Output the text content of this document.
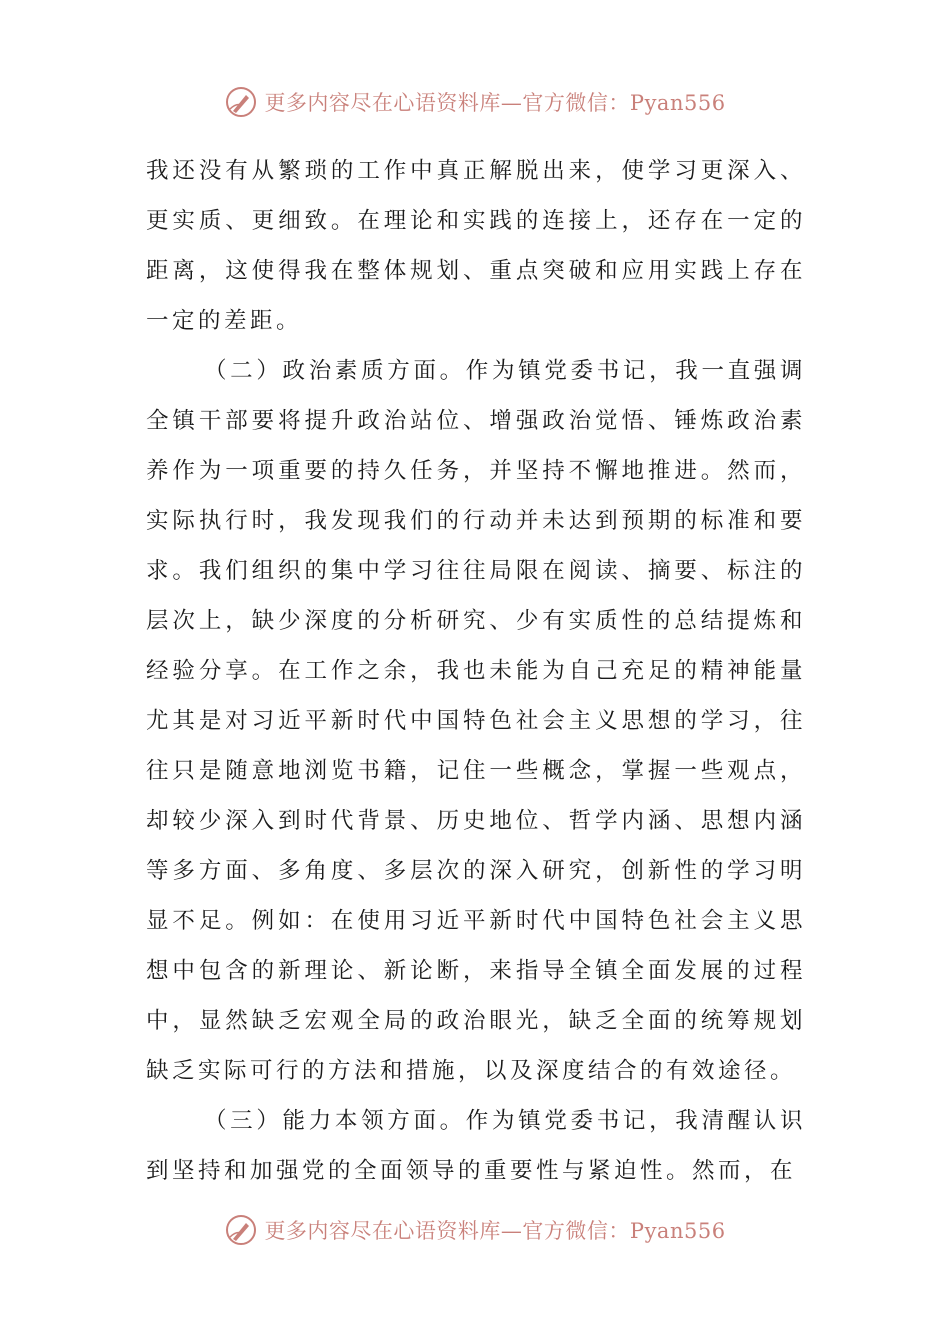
更多内容尽在心语资料库—官方微信：Pyan556

我还没有从繁琐的工作中真正解脱出来，使学习更深入、更实质、更细致。在理论和实践的连接上，还存在一定的距离，这使得我在整体规划、重点突破和应用实践上存在一定的差距。

（二）政治素质方面。作为镇党委书记，我一直强调全镇干部要将提升政治站位、增强政治觉悟、锤炼政治素养作为一项重要的持久任务，并坚持不懈地推进。然而，实际执行时，我发现我们的行动并未达到预期的标准和要求。我们组织的集中学习往往局限在阅读、摘要、标注的层次上，缺少深度的分析研究、少有实质性的总结提炼和经验分享。在工作之余，我也未能为自己充足的精神能量尤其是对习近平新时代中国特色社会主义思想的学习，往往只是随意地浏览书籍，记住一些概念，掌握一些观点，却较少深入到时代背景、历史地位、哲学内涵、思想内涵等多方面、多角度、多层次的深入研究，创新性的学习明显不足。例如：在使用习近平新时代中国特色社会主义思想中包含的新理论、新论断，来指导全镇全面发展的过程中，显然缺乏宏观全局的政治眼光，缺乏全面的统筹规划缺乏实际可行的方法和措施，以及深度结合的有效途径。

（三）能力本领方面。作为镇党委书记，我清醒认识到坚持和加强党的全面领导的重要性与紧迫性。然而，在

更多内容尽在心语资料库—官方微信：Pyan556
